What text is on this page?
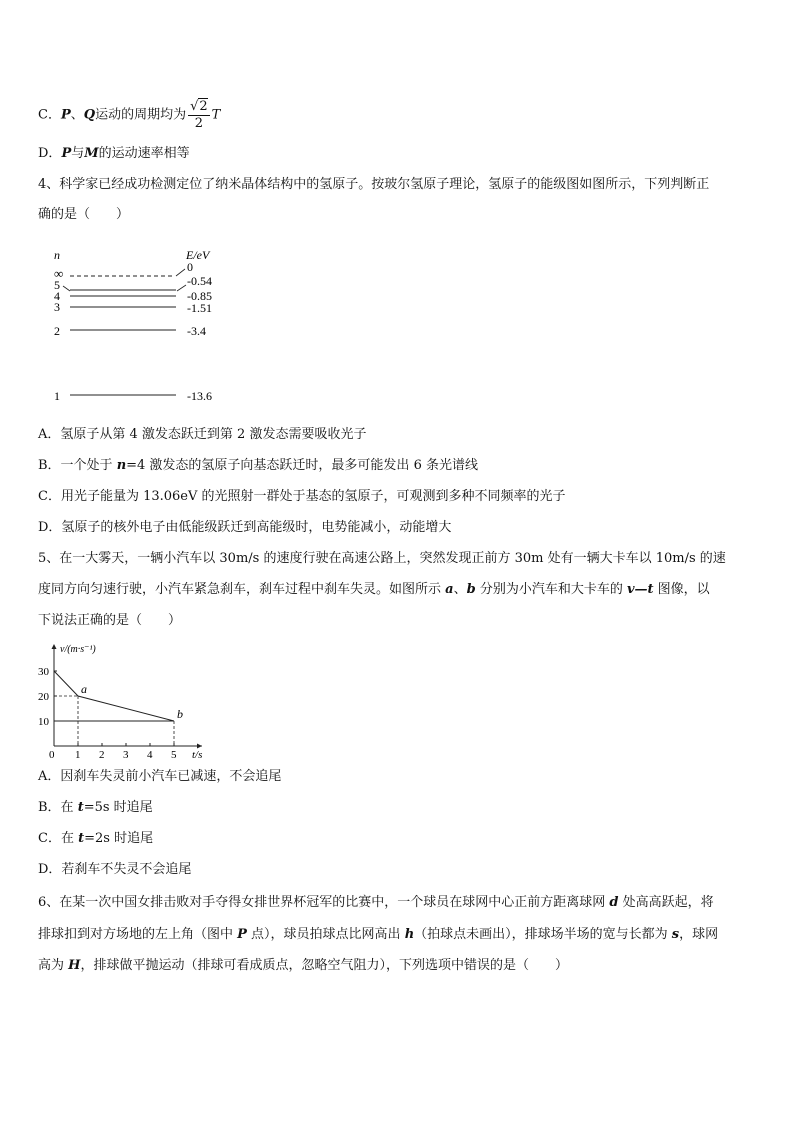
C．P、Q运动的周期均为 $\frac{√2}{2}$ T
D．P与M的运动速率相等
4、科学家已经成功检测定位了纳米晶体结构中的氢原子。按玻尔氢原子理论，氢原子的能级图如图所示，下列判断正
确的是（　　）
n	E/eV
∞
5
4
3
2
1
0
-0.54
-0.85
-1.51
-3.4
-13.6
A．氢原子从第 4 激发态跃迁到第 2 激发态需要吸收光子
B．一个处于 n=4 激发态的氢原子向基态跃迁时，最多可能发出 6 条光谱线
C．用光子能量为 13.06eV 的光照射一群处于基态的氢原子，可观测到多种不同频率的光子
D．氢原子的核外电子由低能级跃迁到高能级时，电势能减小，动能增大
5、在一大雾天，一辆小汽车以 30m/s 的速度行驶在高速公路上，突然发现正前方 30m 处有一辆大卡车以 10m/s 的速
度同方向匀速行驶，小汽车紧急刹车，刹车过程中刹车失灵。如图所示 a、b 分别为小汽车和大卡车的 v—t 图像，以
下说法正确的是（　　）
0 1 2 3 4 5
10
20
30
v/(m·s⁻¹)
t/s
a
b
A．因刹车失灵前小汽车已减速，不会追尾
B．在 t=5s 时追尾
C．在 t=2s 时追尾
D．若刹车不失灵不会追尾
6、在某一次中国女排击败对手夺得女排世界杯冠军的比赛中，一个球员在球网中心正前方距离球网 d 处高高跃起，将
排球扣到对方场地的左上角（图中 P 点），球员拍球点比网高出 h（拍球点未画出），排球场半场的宽与长都为 s，球网
高为 H，排球做平抛运动（排球可看成质点，忽略空气阻力），下列选项中错误的是（　　）
